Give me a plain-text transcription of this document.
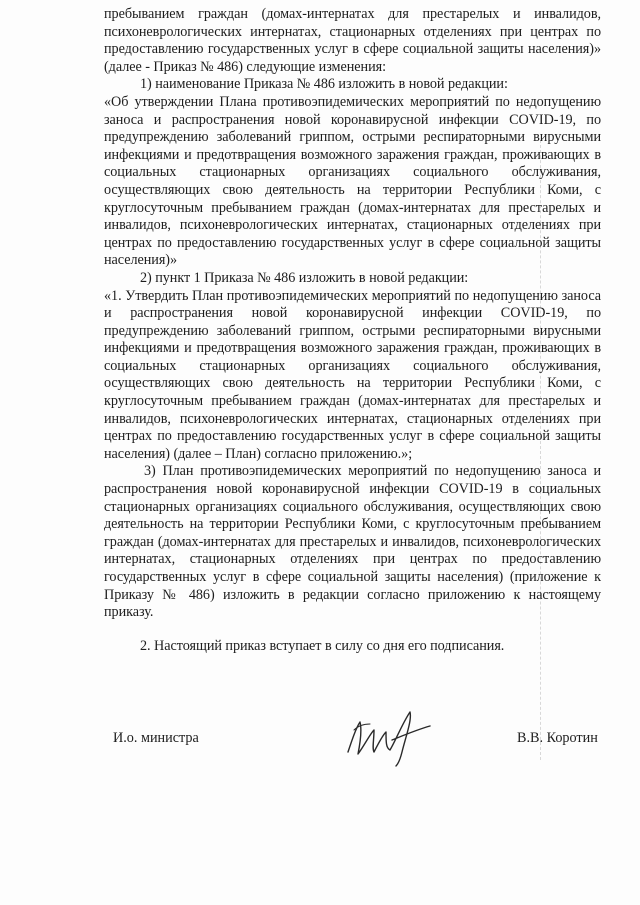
пребыванием граждан (домах-интернатах для престарелых и инвалидов, психоневрологических интернатах, стационарных отделениях при центрах по предоставлению государственных услуг в сфере социальной защиты населения)» (далее - Приказ № 486) следующие изменения:

1) наименование Приказа № 486 изложить в новой редакции:

«Об утверждении Плана противоэпидемических мероприятий по недопущению заноса и распространения новой коронавирусной инфекции COVID-19, по предупреждению заболеваний гриппом, острыми респираторными вирусными инфекциями и предотвращения возможного заражения граждан, проживающих в социальных стационарных организациях социального обслуживания, осуществляющих свою деятельность на территории Республики Коми, с круглосуточным пребыванием граждан (домах-интернатах для престарелых и инвалидов, психоневрологических интернатах, стационарных отделениях при центрах по предоставлению государственных услуг в сфере социальной защиты населения)»

2) пункт 1 Приказа № 486 изложить в новой редакции:

«1. Утвердить План противоэпидемических мероприятий по недопущению заноса и распространения новой коронавирусной инфекции COVID-19, по предупреждению заболеваний гриппом, острыми респираторными вирусными инфекциями и предотвращения возможного заражения граждан, проживающих в социальных стационарных организациях социального обслуживания, осуществляющих свою деятельность на территории Республики Коми, с круглосуточным пребыванием граждан (домах-интернатах для престарелых и инвалидов, психоневрологических интернатах, стационарных отделениях при центрах по предоставлению государственных услуг в сфере социальной защиты населения) (далее – План) согласно приложению.»;

3) План противоэпидемических мероприятий по недопущению заноса и распространения новой коронавирусной инфекции COVID-19 в социальных стационарных организациях социального обслуживания, осуществляющих свою деятельность на территории Республики Коми, с круглосуточным пребыванием граждан (домах-интернатах для престарелых и инвалидов, психоневрологических интернатах, стационарных отделениях при центрах по предоставлению государственных услуг в сфере социальной защиты населения) (приложение к Приказу № 486) изложить в редакции согласно приложению к настоящему приказу.

2. Настоящий приказ вступает в силу со дня его подписания.

И.о. министра	В.В. Коротин
